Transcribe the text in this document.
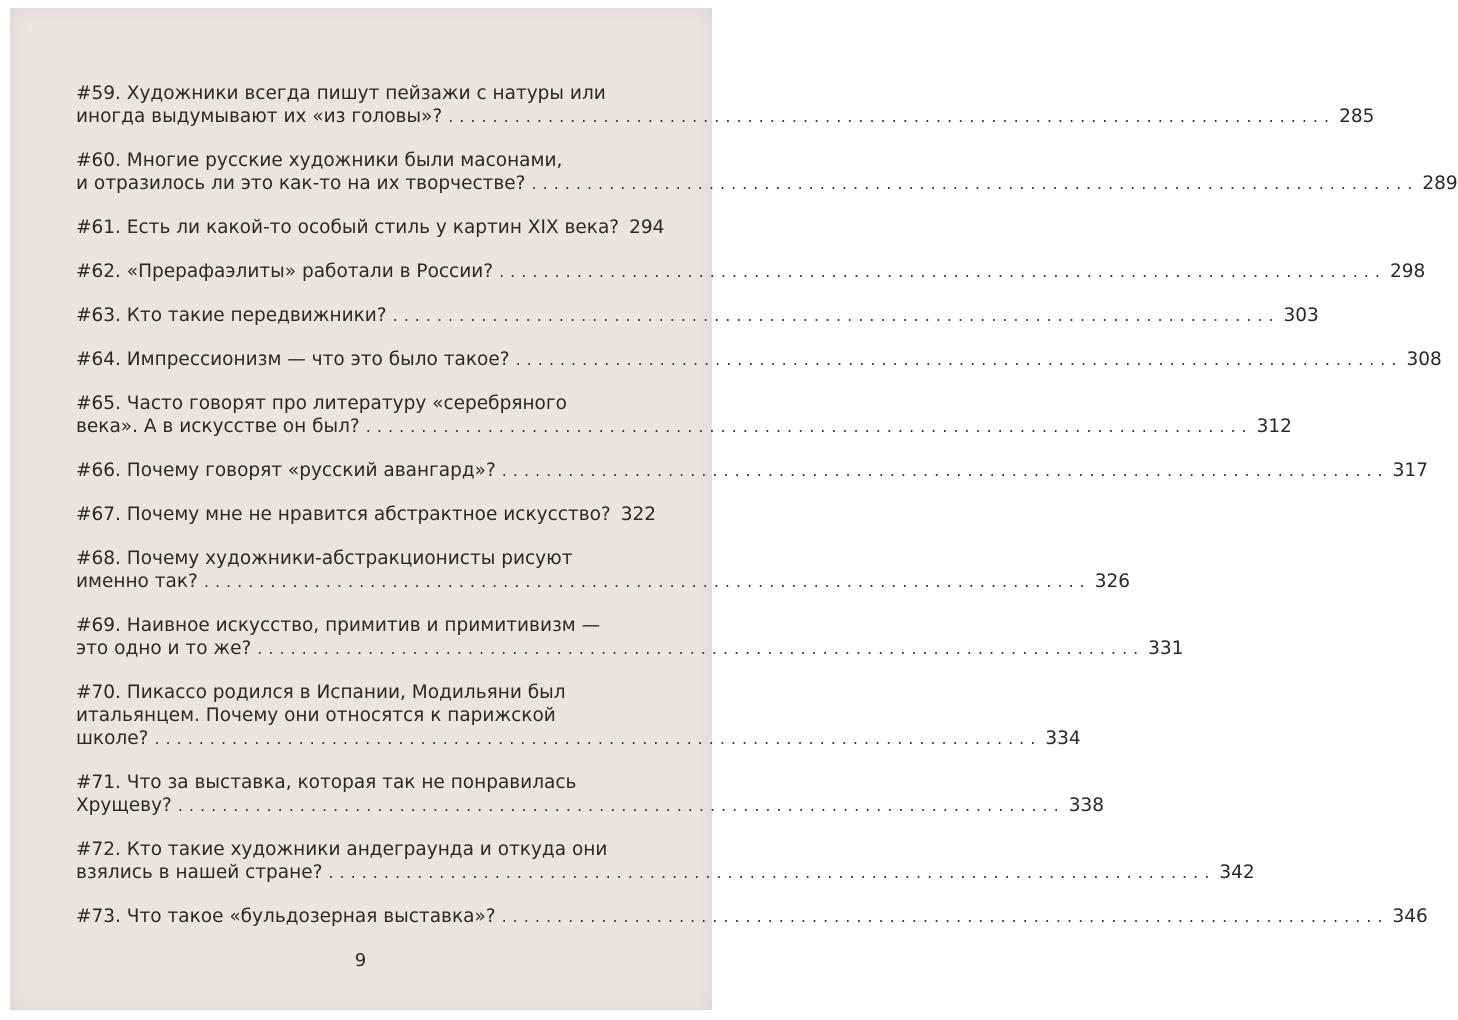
#59. Художники всегда пишут пейзажи с натуры или
иногда выдумывают их «из головы»? ................................................................................ 285
#60. Многие русские художники были масонами,
и отразилось ли это как-то на их творчестве? ................................................................................ 289
#61. Есть ли какой-то особый стиль у картин XIX века? 294
#62. «Прерафаэлиты» работали в России? ................................................................................ 298
#63. Кто такие передвижники? ................................................................................ 303
#64. Импрессионизм — что это было такое? ................................................................................ 308
#65. Часто говорят про литературу «серебряного
века». А в искусстве он был? ................................................................................ 312
#66. Почему говорят «русский авангард»? ................................................................................ 317
#67. Почему мне не нравится абстрактное искусство? 322
#68. Почему художники-абстракционисты рисуют
именно так? ................................................................................ 326
#69. Наивное искусство, примитив и примитивизм —
это одно и то же? ................................................................................ 331
#70. Пикассо родился в Испании, Модильяни был
итальянцем. Почему они относятся к парижской
школе? ................................................................................ 334
#71. Что за выставка, которая так не понравилась
Хрущеву? ................................................................................ 338
#72. Кто такие художники андеграунда и откуда они
взялись в нашей стране? ................................................................................ 342
#73. Что такое «бульдозерная выставка»? ................................................................................ 346
9
